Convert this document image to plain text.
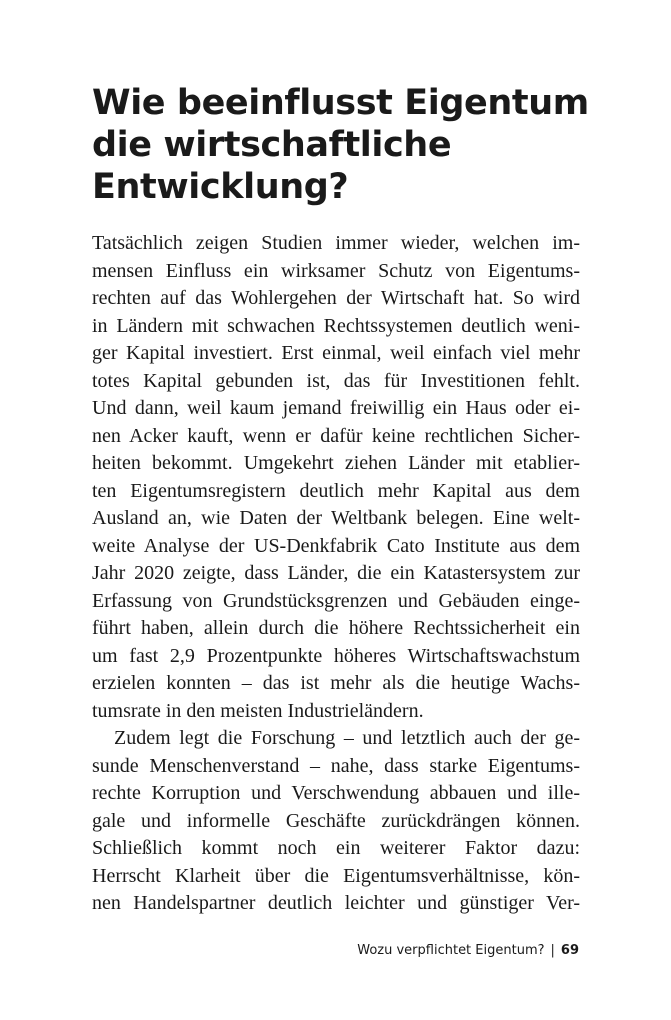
Wie beeinflusst Eigentum
die wirtschaftliche
Entwicklung?

Tatsächlich zeigen Studien immer wieder, welchen im-
mensen Einfluss ein wirksamer Schutz von Eigentums-
rechten auf das Wohlergehen der Wirtschaft hat. So wird
in Ländern mit schwachen Rechtssystemen deutlich weni-
ger Kapital investiert. Erst einmal, weil einfach viel mehr
totes Kapital gebunden ist, das für Investitionen fehlt.
Und dann, weil kaum jemand freiwillig ein Haus oder ei-
nen Acker kauft, wenn er dafür keine rechtlichen Sicher-
heiten bekommt. Umgekehrt ziehen Länder mit etablier-
ten Eigentumsregistern deutlich mehr Kapital aus dem
Ausland an, wie Daten der Weltbank belegen. Eine welt-
weite Analyse der US-Denkfabrik Cato Institute aus dem
Jahr 2020 zeigte, dass Länder, die ein Katastersystem zur
Erfassung von Grundstücksgrenzen und Gebäuden einge-
führt haben, allein durch die höhere Rechtssicherheit ein
um fast 2,9 Prozentpunkte höheres Wirtschaftswachstum
erzielen konnten – das ist mehr als die heutige Wachs-
tumsrate in den meisten Industrieländern.

Zudem legt die Forschung – und letztlich auch der ge-
sunde Menschenverstand – nahe, dass starke Eigentums-
rechte Korruption und Verschwendung abbauen und ille-
gale und informelle Geschäfte zurückdrängen können.
Schließlich kommt noch ein weiterer Faktor dazu:
Herrscht Klarheit über die Eigentumsverhältnisse, kön-
nen Handelspartner deutlich leichter und günstiger Ver-

Wozu verpflichtet Eigentum? | 69
